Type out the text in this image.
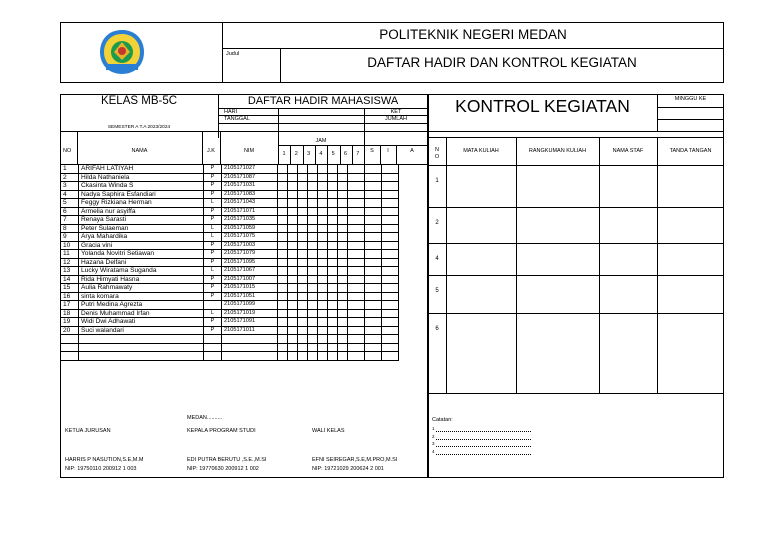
POLITEKNIK NEGERI MEDAN
Judul
DAFTAR HADIR DAN KONTROL KEGIATAN
KELAS MB-5C
SEMESTER A T.A 2023/2024
DAFTAR HADIR MAHASISWA
HARI
TANGGAL
KET
JUMLAH
JAM
NO	NAMA	J.K	NIM	1	2	3	4	5	6	7	S	I	A
1	ARIFAH LATIYAH	P	2105171027										
2	Hilda Nathaniela	P	2105171087										
3	Ckasinta Winda S	P	2105171031										
4	Nadya Saphira Esfandiari	P	2105171083										
5	Feggy Rizkiana Herman	L	2105171043										
6	Armelia nur asyiffa	P	2105171071										
7	Renaya Sarasti	P	2105171035										
8	Peter Sulaeman	L	2105171059										
9	Arya Mahardika	L	2105171075										
10	Gracia vini	P	2105171003										
11	Yolanda Novitri Setiawan	P	2105171079										
12	Hazana Delfani	P	2105171095										
13	Lucky Wiratama Suganda	L	2105171067										
14	Rida Himyati Hasna	P	2105171007										
15	Aulia Rahmawaty	P	2105171015										
16	sinta komara	P	2105171051										
17	Putri Medina Agrezta		2105171099										
18	Denis Muhammad Irfan	L	2105171019										
19	Widi Dwi Adhawati	P	2105171091										
20	Suci walandari	P	2105171011										

MEDAN..........
KETUA JURUSAN	KEPALA PROGRAM STUDI	WALI KELAS
HARRIS P NASUTION,S.E,M.M
NIP: 19750110 200912 1 003
EDI PUTRA BERUTU ,S.E.,M.SI
NIP: 19770630 200912 1 002
EFNI SEIREGAR,S.E,M.PRO,M.SI
NIP: 19721029 200624 2 001
KONTROL KEGIATAN	MINGGU KE
N
O
MATA KULIAH	RANGKUMAN KULIAH	NAMA STAF	TANDA TANGAN
1
2
4
5
6
Catatan:
1
2
3
4
